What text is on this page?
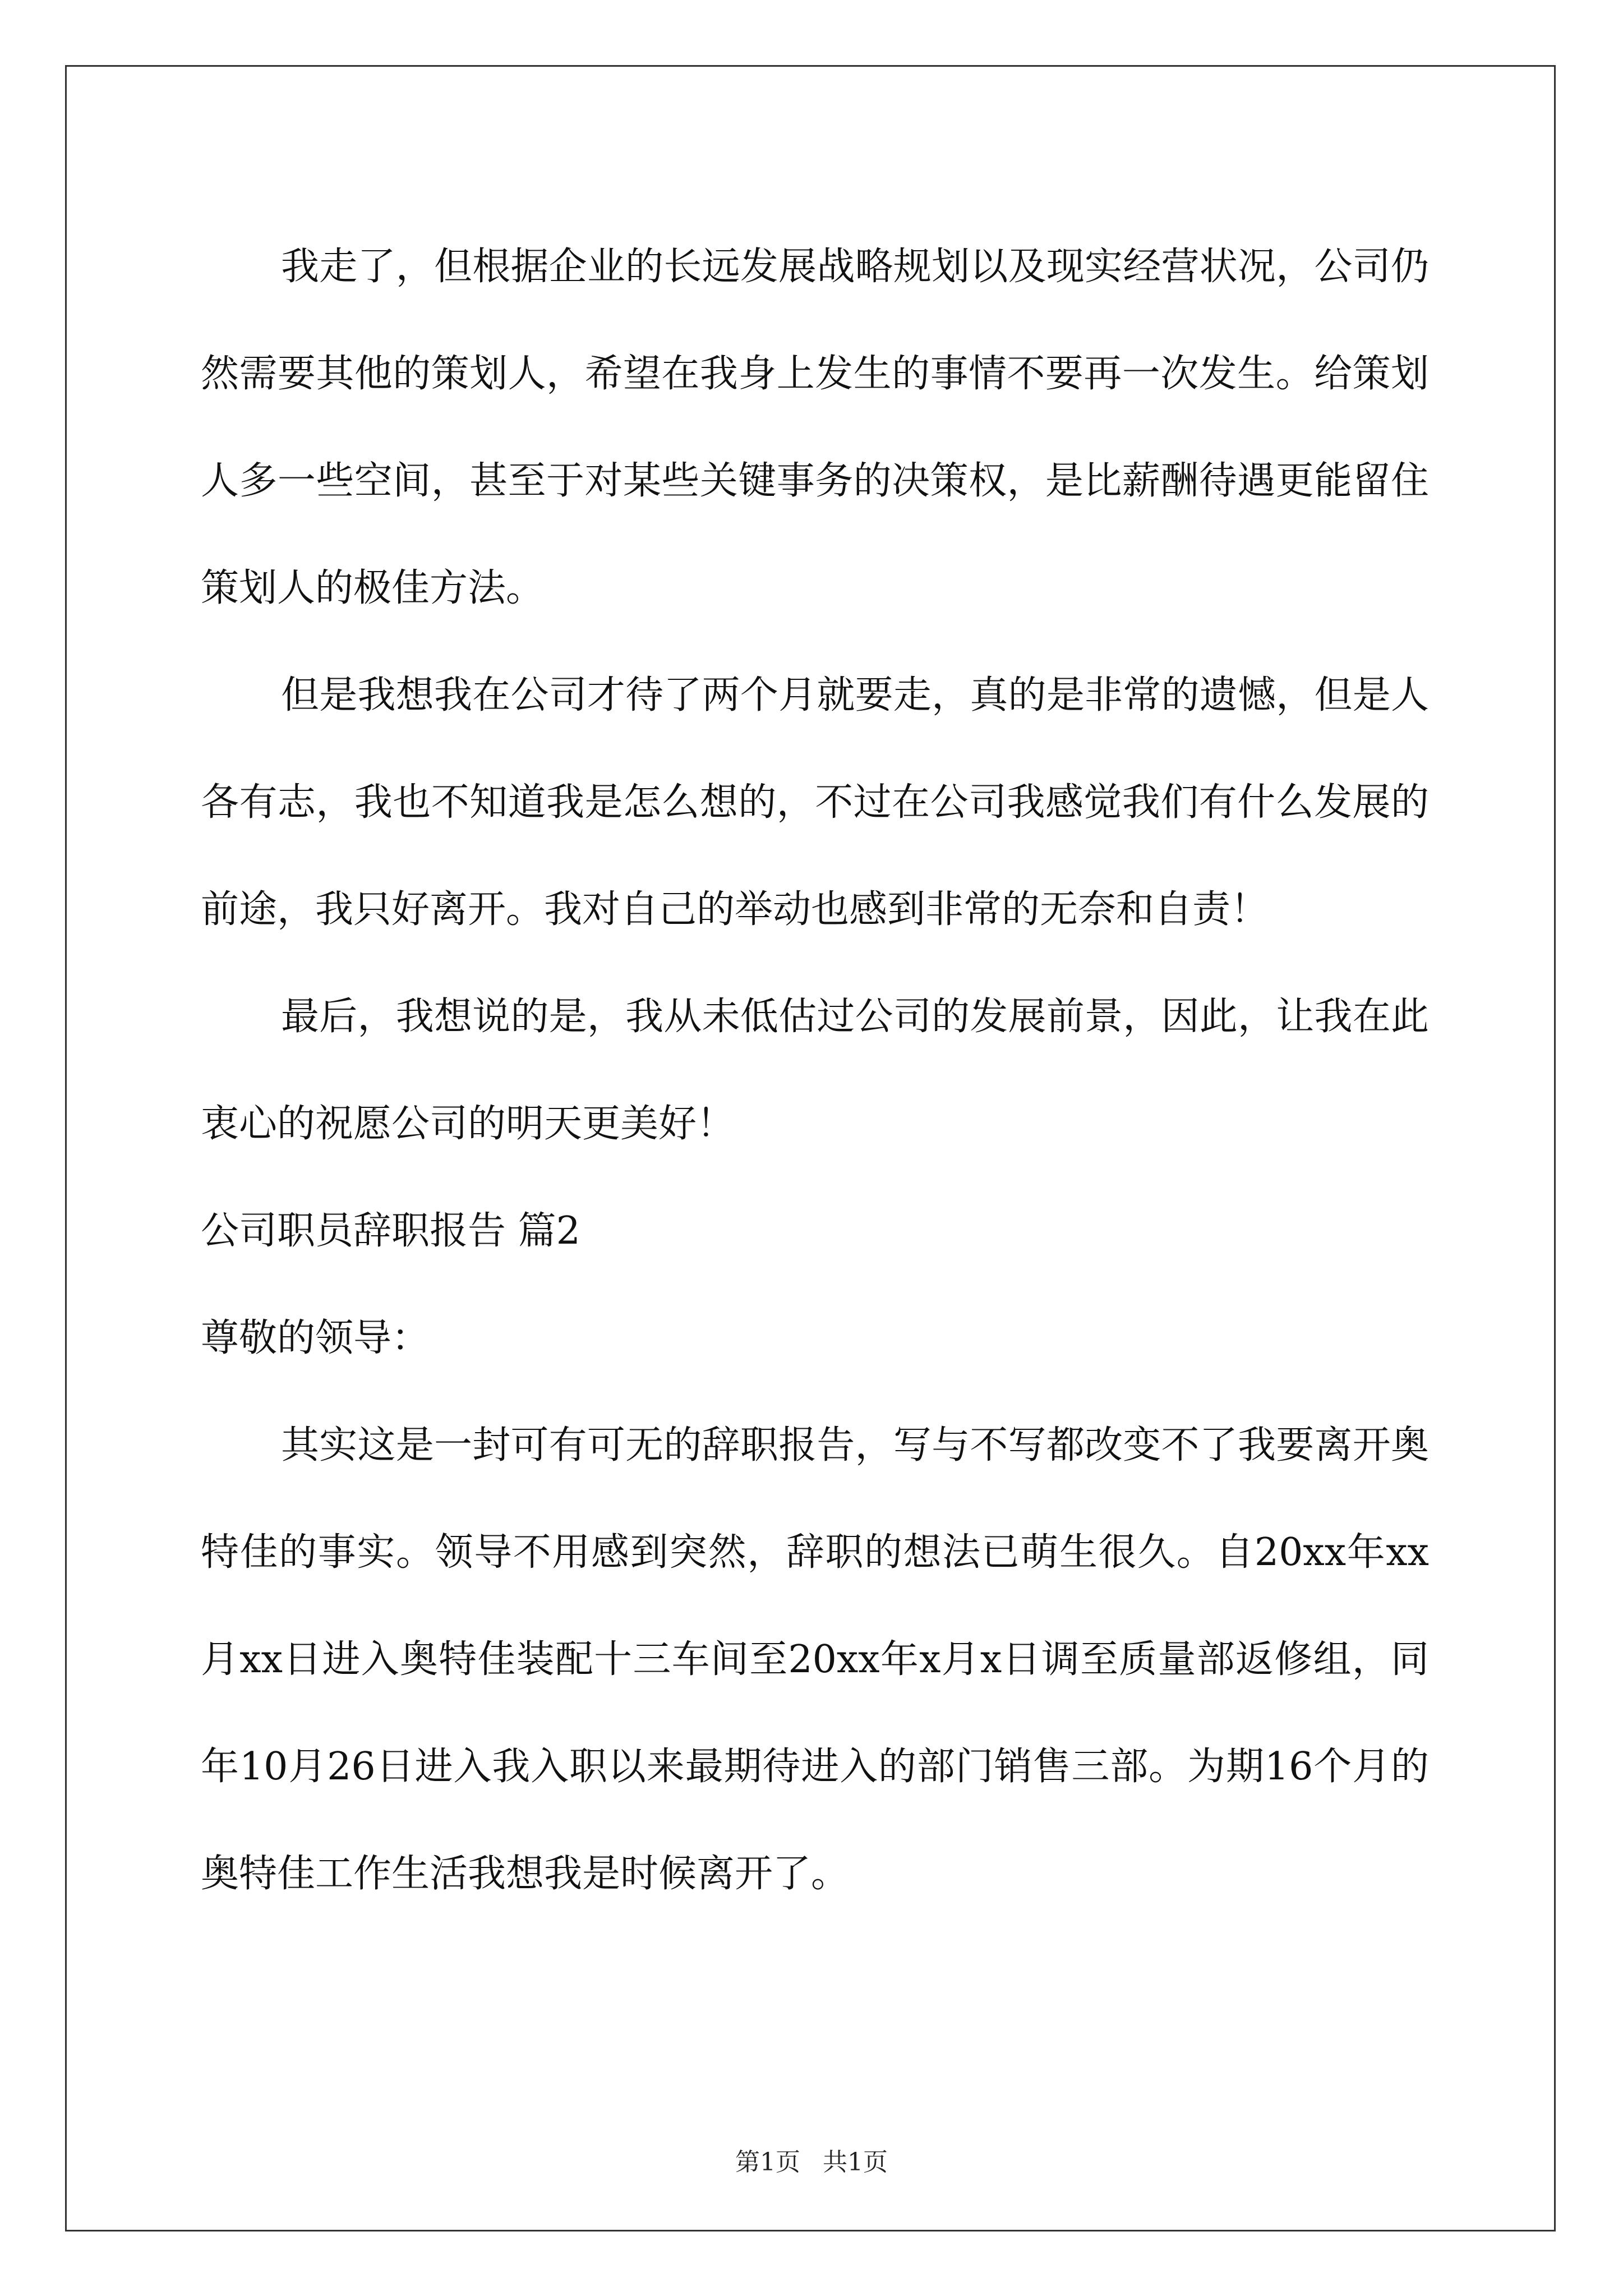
我走了，但根据企业的长远发展战略规划以及现实经营状况，公司仍然需要其他的策划人，希望在我身上发生的事情不要再一次发生。给策划人多一些空间，甚至于对某些关键事务的决策权，是比薪酬待遇更能留住策划人的极佳方法。

但是我想我在公司才待了两个月就要走，真的是非常的遗憾，但是人各有志，我也不知道我是怎么想的，不过在公司我感觉我们有什么发展的前途，我只好离开。我对自己的举动也感到非常的无奈和自责！

最后，我想说的是，我从未低估过公司的发展前景，因此，让我在此衷心的祝愿公司的明天更美好！

公司职员辞职报告 篇2

尊敬的领导：

其实这是一封可有可无的辞职报告，写与不写都改变不了我要离开奥特佳的事实。领导不用感到突然，辞职的想法已萌生很久。自20xx年xx月xx日进入奥特佳装配十三车间至20xx年x月x日调至质量部返修组，同年10月26日进入我入职以来最期待进入的部门销售三部。为期16个月的奥特佳工作生活我想我是时候离开了。

第1页 共1页
